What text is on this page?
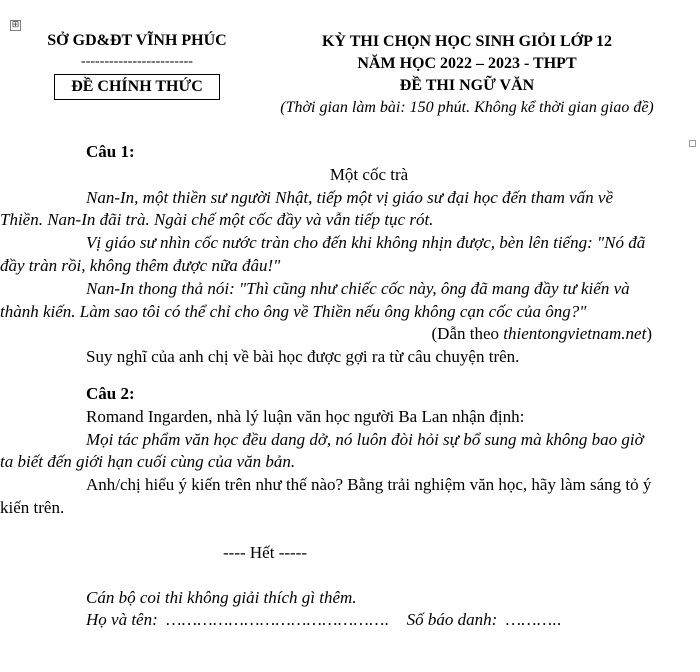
⊞
SỞ GD&ĐT VĨNH PHÚC
------------------------
ĐỀ CHÍNH THỨC
KỲ THI CHỌN HỌC SINH GIỎI LỚP 12
NĂM HỌC 2022 – 2023 - THPT
ĐỀ THI NGỮ VĂN
(Thời gian làm bài: 150 phút. Không kể thời gian giao đề)

Câu 1:

Một cốc trà

Nan-In, một thiền sư người Nhật, tiếp một vị giáo sư đại học đến tham vấn về Thiền. Nan-In đãi trà. Ngài chế một cốc đầy và vẫn tiếp tục rót.

Vị giáo sư nhìn cốc nước tràn cho đến khi không nhịn được, bèn lên tiếng: "Nó đã đầy tràn rồi, không thêm được nữa đâu!"

Nan-In thong thả nói: "Thì cũng như chiếc cốc này, ông đã mang đầy tư kiến và thành kiến. Làm sao tôi có thể chỉ cho ông về Thiền nếu ông không cạn cốc của ông?"

(Dẫn theo thientongvietnam.net)

Suy nghĩ của anh chị về bài học được gợi ra từ câu chuyện trên.

Câu 2:

Romand Ingarden, nhà lý luận văn học người Ba Lan nhận định:

Mọi tác phẩm văn học đều dang dở, nó luôn đòi hỏi sự bổ sung mà không bao giờ ta biết đến giới hạn cuối cùng của văn bản.

Anh/chị hiểu ý kiến trên như thế nào? Bằng trải nghiệm văn học, hãy làm sáng tỏ ý kiến trên.

---- Hết -----

Cán bộ coi thi không giải thích gì thêm.

Họ và tên: ……………………………………. Số báo danh: ………..
